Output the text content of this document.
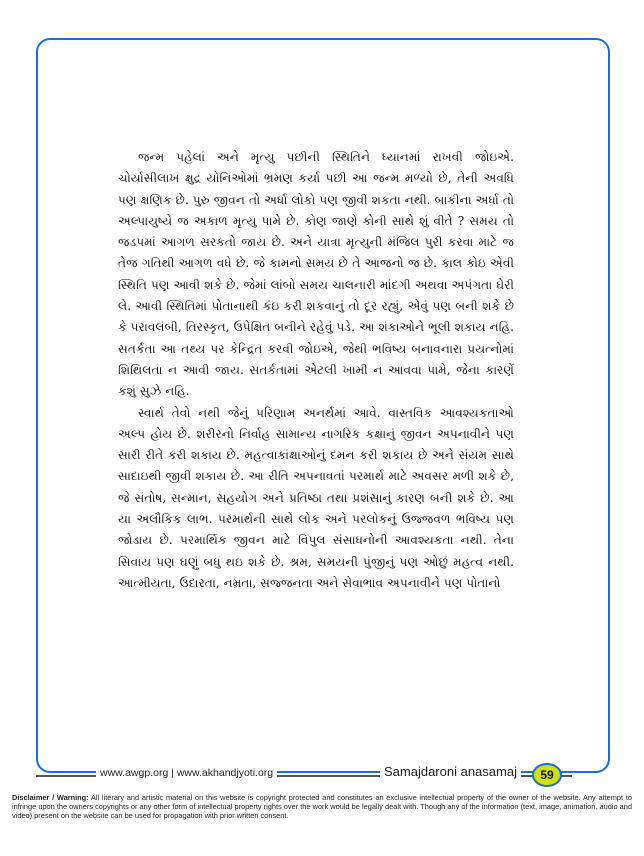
જન્મ પહેલાં અને મૃત્યુ પછીની સ્થિતિને ધ્યાનમાં રાખવી જોઇએ. ચોર્યાસીલાખ ક્ષુદ્ર યોનિઓમાં ભ્રમણ કર્યા પછી આ જન્મ મળ્યો છે, તેની અવધિ પણ ક્ષણિક છે. પુરુ જીવન તો અર્ધા લોકો પણ જીવી શકતા નથી. બાકીના અર્ધા તો અલ્પાયુષ્યે જ અકાળ મૃત્યુ પામે છે. કોણ જાણે કોની સાથે શું વીતે ? સમય તો જડપમાં આગળ સરકતો જાય છે. અને યાત્રા મૃત્યુની મંજિલ પુરી કરવા માટે જ તેજ ગતિથી આગળ વધે છે. જે કામનો સમય છે તે આજનો જ છે. કાલ કોઇ એવી સ્થિતિ પણ આવી શકે છે. જેમાં લાંબો સમય ચાલનારી માંદગી અથવા અપંગતા ઘેરી લે. આવી સ્થિતિમાં પોતાનાથી કંઇ કરી શકવાનું તો દૂર રહ્યું, એવું પણ બની શકે છે કે પરાવલંબી, તિરસ્કૃત, ઉપેક્ષિત બનીને રહેવું પડે. આ શંકાઓને ભૂલી શકાય નહિ. સતર્કતા આ તથ્ય પર કેન્દ્રિત કરવી જોઇએ, જેથી ભવિષ્ય બનાવનારા પ્રયત્નોમાં શિથિલતા ન આવી જાય. સતર્કતામાં એટલી ખામી ન આવવા પામે, જેના કારણેં કશું સુઝે નહિ.

સ્વાર્થ તેવો નથી જેનું પરિણામ અનર્થમાં આવે. વાસ્તવિક આવશ્યકતાઓ અલ્પ હોય છે. શરીરનો નિર્વાહ સામાન્ય નાગરિક કક્ષાનું જીવન અપનાવીને પણ સારી રીતે કરી શકાય છે. મહત્વાકાંક્ષાઓનું દમન કરી શકાય છે અને સંયમ સાથે સાદાઇથી જીવી શકાય છે. આ રીતિ અપનાવતાં પરમાર્થ માટે અવસર મળી શકે છે, જે સંતોષ, સન્માન, સહયોગ અને પ્રતિષ્ઠા તથા પ્રશંસાનું કારણ બની શકે છે. આ યા અલૌકિક લાભ. પરમાર્થની સાથે લોક અને પરલોકનું ઉજ્જવળ ભવિષ્ય પણ જોડાય છે. પરમાર્થિક જીવન માટે વિપુલ સંસાધનોની આવશ્યકતા નથી. તેના સિવાય પણ ઘણું બધુ થઇ શકે છે. શ્રમ, સમયની પુંજીનું પણ ઓછું મહત્વ નથી. આત્મીયતા, ઉદારતા, નમ્રતા, સજ્જનતા અને સેવાભાવ અપનાવીને પણ પોતાનો

www.awgp.org | www.akhandjyoti.org	Samajdaroni anasamaj	59
Disclaimer / Warning: All literary and artistic material on this website is copyright protected and constitutes an exclusive intellectual property of the owner of the website. Any attempt to infringe upon the owners copyrights or any other form of intellectual property rights over the work would be legally dealt with. Though any of the information (text, image, animation, audio and video) present on the website can be used for propagation with prior written consent.
